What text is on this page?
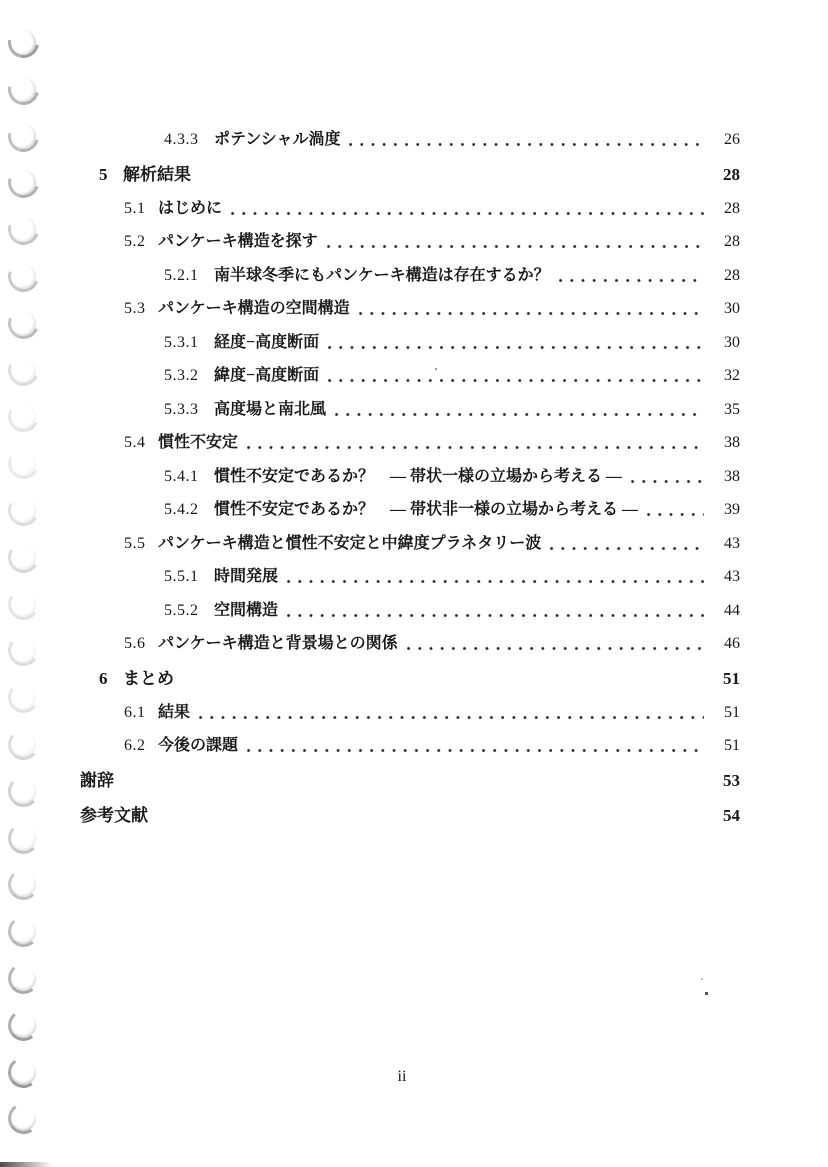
4.3.3 ポテンシャル渦度	26
5 解析結果	28
5.1 はじめに	28
5.2 パンケーキ構造を探す	28
5.2.1 南半球冬季にもパンケーキ構造は存在するか？	28
5.3 パンケーキ構造の空間構造	30
5.3.1 経度−高度断面	30
5.3.2 緯度−高度断面	32
5.3.3 高度場と南北風	35
5.4 慣性不安定	38
5.4.1 慣性不安定であるか？　— 帯状一様の立場から考える —	38
5.4.2 慣性不安定であるか？　— 帯状非一様の立場から考える —	39
5.5 パンケーキ構造と慣性不安定と中緯度プラネタリー波	43
5.5.1 時間発展	43
5.5.2 空間構造	44
5.6 パンケーキ構造と背景場との関係	46
6 まとめ	51
6.1 結果	51
6.2 今後の課題	51
謝辞	53
参考文献	54
ii
